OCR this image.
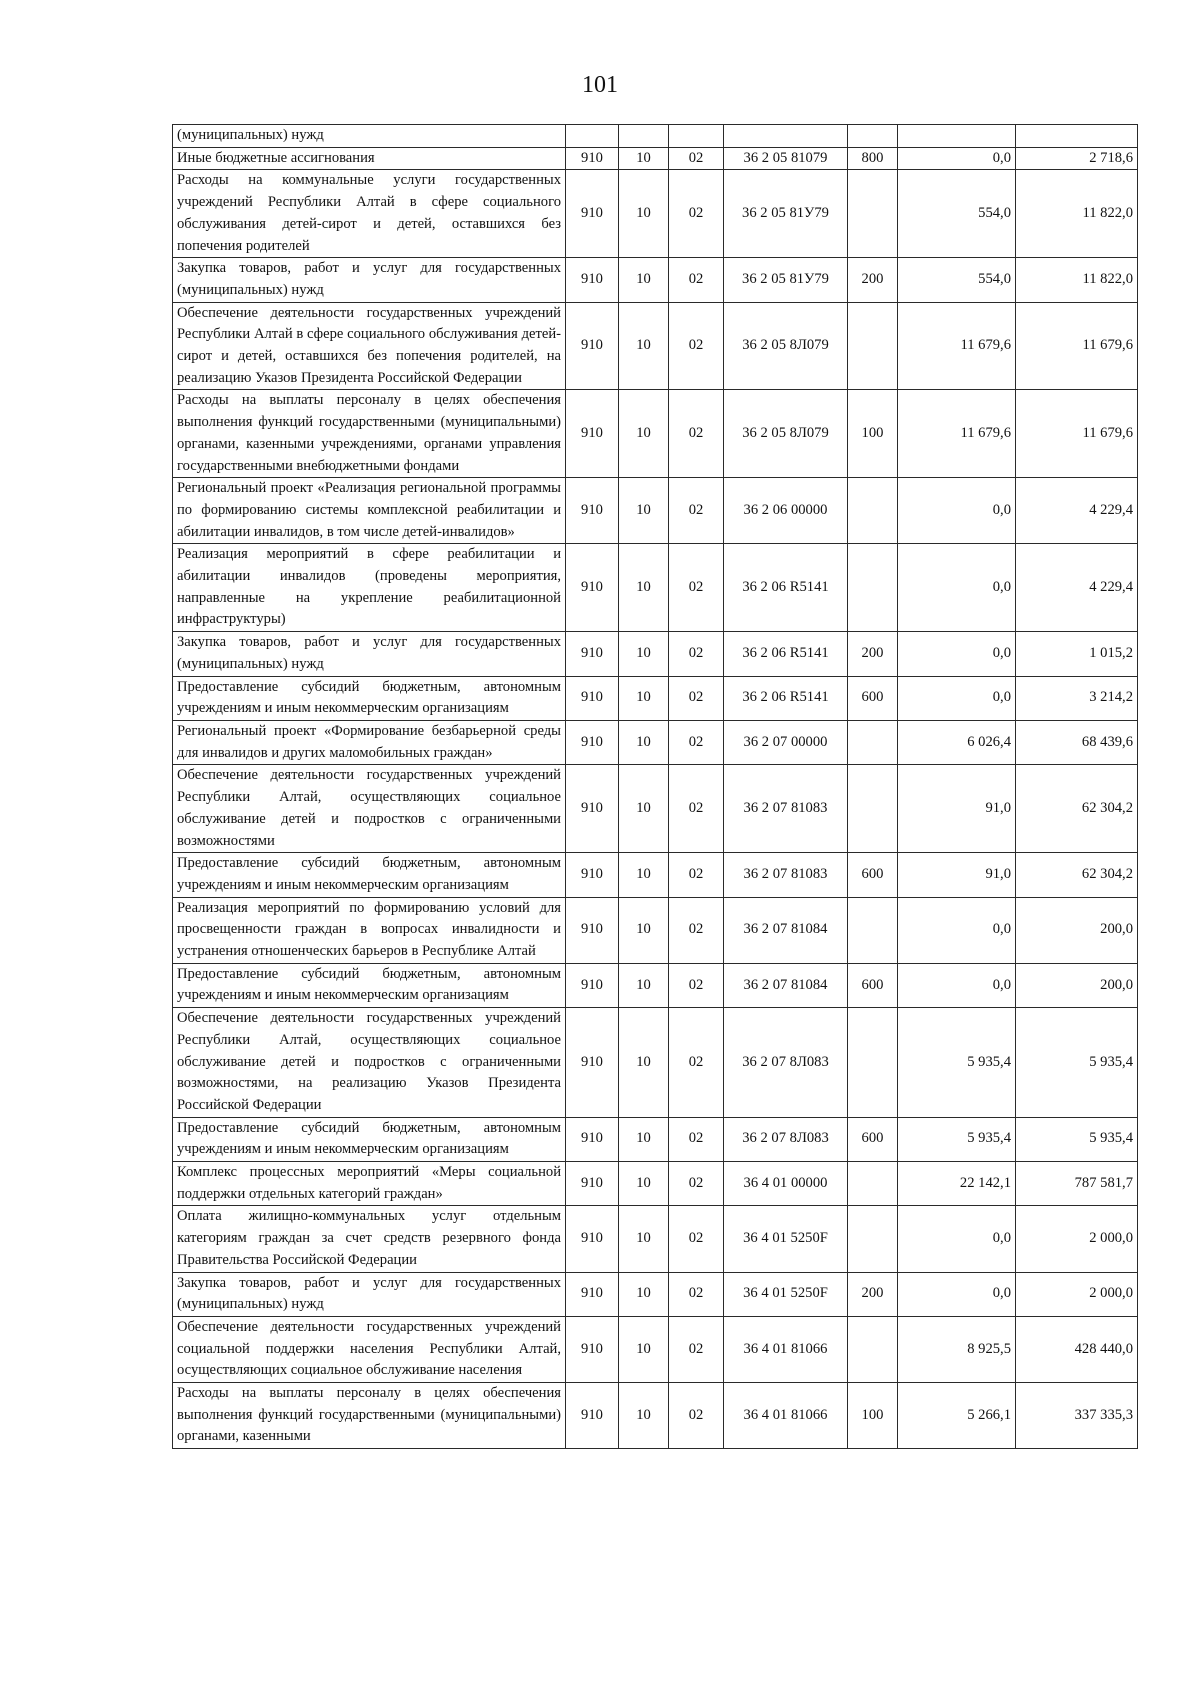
101
(муниципальных) нужд							
Иные бюджетные ассигнования	910	10	02	36 2 05 81079	800	0,0	2 718,6
Расходы на коммунальные услуги государственных учреждений Республики Алтай в сфере социального обслуживания детей-сирот и детей, оставшихся без попечения родителей	910	10	02	36 2 05 81У79		554,0	11 822,0
Закупка товаров, работ и услуг для государственных (муниципальных) нужд	910	10	02	36 2 05 81У79	200	554,0	11 822,0
Обеспечение деятельности государственных учреждений Республики Алтай в сфере социального обслуживания детей-сирот и детей, оставшихся без попечения родителей, на реализацию Указов Президента Российской Федерации	910	10	02	36 2 05 8Л079		11 679,6	11 679,6
Расходы на выплаты персоналу в целях обеспечения выполнения функций государственными (муниципальными) органами, казенными учреждениями, органами управления государственными внебюджетными фондами	910	10	02	36 2 05 8Л079	100	11 679,6	11 679,6
Региональный проект «Реализация региональной программы по формированию системы комплексной реабилитации и абилитации инвалидов, в том числе детей-инвалидов»	910	10	02	36 2 06 00000		0,0	4 229,4
Реализация мероприятий в сфере реабилитации и абилитации инвалидов (проведены мероприятия, направленные на укрепление реабилитационной инфраструктуры)	910	10	02	36 2 06 R5141		0,0	4 229,4
Закупка товаров, работ и услуг для государственных (муниципальных) нужд	910	10	02	36 2 06 R5141	200	0,0	1 015,2
Предоставление субсидий бюджетным, автономным учреждениям и иным некоммерческим организациям	910	10	02	36 2 06 R5141	600	0,0	3 214,2
Региональный проект «Формирование безбарьерной среды для инвалидов и других маломобильных граждан»	910	10	02	36 2 07 00000		6 026,4	68 439,6
Обеспечение деятельности государственных учреждений Республики Алтай, осуществляющих социальное обслуживание детей и подростков с ограниченными возможностями	910	10	02	36 2 07 81083		91,0	62 304,2
Предоставление субсидий бюджетным, автономным учреждениям и иным некоммерческим организациям	910	10	02	36 2 07 81083	600	91,0	62 304,2
Реализация мероприятий по формированию условий для просвещенности граждан в вопросах инвалидности и устранения отношенческих барьеров в Республике Алтай	910	10	02	36 2 07 81084		0,0	200,0
Предоставление субсидий бюджетным, автономным учреждениям и иным некоммерческим организациям	910	10	02	36 2 07 81084	600	0,0	200,0
Обеспечение деятельности государственных учреждений Республики Алтай, осуществляющих социальное обслуживание детей и подростков с ограниченными возможностями, на реализацию Указов Президента Российской Федерации	910	10	02	36 2 07 8Л083		5 935,4	5 935,4
Предоставление субсидий бюджетным, автономным учреждениям и иным некоммерческим организациям	910	10	02	36 2 07 8Л083	600	5 935,4	5 935,4
Комплекс процессных мероприятий «Меры социальной поддержки отдельных категорий граждан»	910	10	02	36 4 01 00000		22 142,1	787 581,7
Оплата жилищно-коммунальных услуг отдельным категориям граждан за счет средств резервного фонда Правительства Российской Федерации	910	10	02	36 4 01 5250F		0,0	2 000,0
Закупка товаров, работ и услуг для государственных (муниципальных) нужд	910	10	02	36 4 01 5250F	200	0,0	2 000,0
Обеспечение деятельности государственных учреждений социальной поддержки населения Республики Алтай, осуществляющих социальное обслуживание населения	910	10	02	36 4 01 81066		8 925,5	428 440,0
Расходы на выплаты персоналу в целях обеспечения выполнения функций государственными (муниципальными) органами, казенными	910	10	02	36 4 01 81066	100	5 266,1	337 335,3
